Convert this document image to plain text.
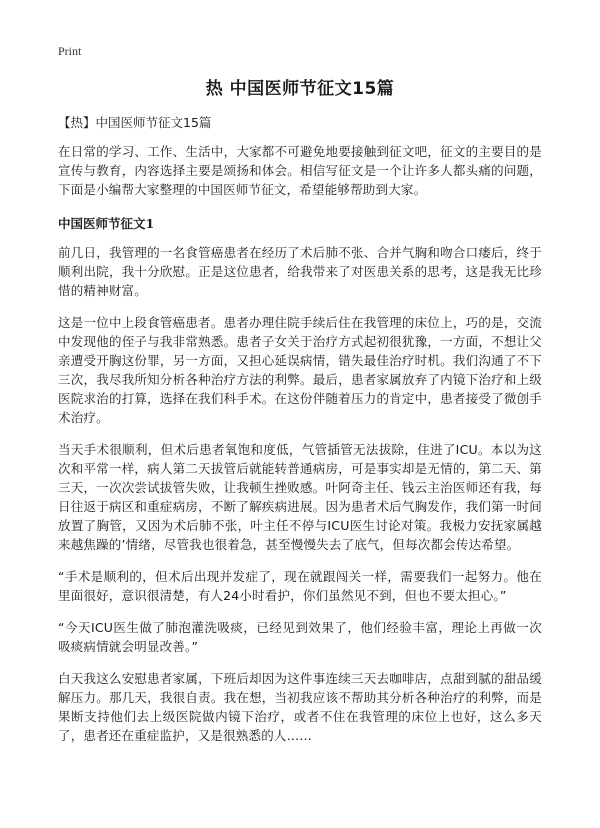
Print
热 中国医师节征文15篇
【热】中国医师节征文15篇

在日常的学习、工作、生活中，大家都不可避免地要接触到征文吧，征文的主要目的是宣传与教育，内容选择主要是颂扬和体会。相信写征文是一个让许多人都头痛的问题，下面是小编帮大家整理的中国医师节征文，希望能够帮助到大家。

中国医师节征文1

前几日，我管理的一名食管癌患者在经历了术后肺不张、合并气胸和吻合口瘘后，终于顺利出院，我十分欣慰。正是这位患者，给我带来了对医患关系的思考，这是我无比珍惜的精神财富。

这是一位中上段食管癌患者。患者办理住院手续后住在我管理的床位上，巧的是，交流中发现他的侄子与我非常熟悉。患者子女关于治疗方式起初很犹豫，一方面，不想让父亲遭受开胸这份罪，另一方面，又担心延误病情，错失最佳治疗时机。我们沟通了不下三次，我尽我所知分析各种治疗方法的利弊。最后，患者家属放弃了内镜下治疗和上级医院求治的打算，选择在我们科手术。在这份伴随着压力的肯定中，患者接受了微创手术治疗。

当天手术很顺利，但术后患者氧饱和度低，气管插管无法拔除，住进了ICU。本以为这次和平常一样，病人第二天拔管后就能转普通病房，可是事实却是无情的，第二天、第三天，一次次尝试拔管失败，让我顿生挫败感。叶阿奇主任、钱云主治医师还有我，每日往返于病区和重症病房，不断了解疾病进展。因为患者术后气胸发作，我们第一时间放置了胸管，又因为术后肺不张，叶主任不停与ICU医生讨论对策。我极力安抚家属越来越焦躁的’情绪，尽管我也很着急，甚至慢慢失去了底气，但每次都会传达希望。

“手术是顺利的，但术后出现并发症了，现在就跟闯关一样，需要我们一起努力。他在里面很好，意识很清楚，有人24小时看护，你们虽然见不到，但也不要太担心。”

“今天ICU医生做了肺泡灌洗吸痰，已经见到效果了，他们经验丰富，理论上再做一次吸痰病情就会明显改善。”

白天我这么安慰患者家属，下班后却因为这件事连续三天去咖啡店，点甜到腻的甜品缓解压力。那几天，我很自责。我在想，当初我应该不帮助其分析各种治疗的利弊，而是果断支持他们去上级医院做内镜下治疗，或者不住在我管理的床位上也好，这么多天了，患者还在重症监护，又是很熟悉的人……
